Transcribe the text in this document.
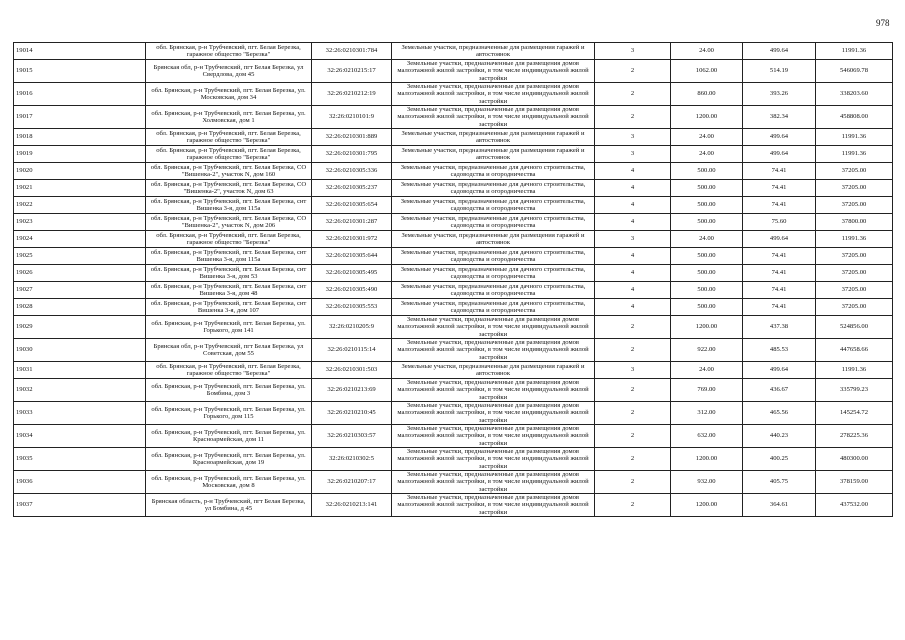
978
19014	обл. Брянская, р-н Трубчевский, пгт. Белая Березка, гаражное общество "Березка"	32:26:0210301:784	Земельные участки, предназначенные для размещения гаражей и автостоянок	3	24.00	499.64	11991.36
19015	Брянская обл, р-н Трубчевский, пгт Белая Березка, ул Свердлова, дом 45	32:26:0210215:17	Земельные участки, предназначенные для размещения домов малоэтажной жилой застройки, в том числе индивидуальной жилой застройки	2	1062.00	514.19	546069.78
19016	обл. Брянская, р-н Трубчевский, пгт. Белая Березка, ул. Московская, дом 34	32:26:0210212:19	Земельные участки, предназначенные для размещения домов малоэтажной жилой застройки, в том числе индивидуальной жилой застройки	2	860.00	393.26	338203.60
19017	обл. Брянская, р-н Трубчевский, пгт. Белая Березка, ул. Холмовская, дом 1	32:26:0210101:9	Земельные участки, предназначенные для размещения домов малоэтажной жилой застройки, в том числе индивидуальной жилой застройки	2	1200.00	382.34	458808.00
19018	обл. Брянская, р-н Трубчевский, пгт. Белая Березка, гаражное общество "Березка"	32:26:0210301:889	Земельные участки, предназначенные для размещения гаражей и автостоянок	3	24.00	499.64	11991.36
19019	обл. Брянская, р-н Трубчевский, пгт. Белая Березка, гаражное общество "Березка"	32:26:0210301:795	Земельные участки, предназначенные для размещения гаражей и автостоянок	3	24.00	499.64	11991.36
19020	обл. Брянская, р-н Трубчевский, пгт. Белая Березка, СО "Вишенка-2", участок N, дом 160	32:26:0210305:336	Земельные участки, предназначенные для дачного строительства, садоводства и огородничества	4	500.00	74.41	37205.00
19021	обл. Брянская, р-н Трубчевский, пгт. Белая Березка, СО "Вишенка-2", участок N, дом 63	32:26:0210305:237	Земельные участки, предназначенные для дачного строительства, садоводства и огородничества	4	500.00	74.41	37205.00
19022	обл. Брянская, р-н Трубчевский, пгт. Белая Березка, снт Вишенка 3-я, дом 115а	32:26:0210305:654	Земельные участки, предназначенные для дачного строительства, садоводства и огородничества	4	500.00	74.41	37205.00
19023	обл. Брянская, р-н Трубчевский, пгт. Белая Березка, СО "Вишенка-2", участок N, дом 206	32:26:0210301:287	Земельные участки, предназначенные для дачного строительства, садоводства и огородничества	4	500.00	75.60	37800.00
19024	обл. Брянская, р-н Трубчевский, пгт. Белая Березка, гаражное общество "Березка"	32:26:0210301:972	Земельные участки, предназначенные для размещения гаражей и автостоянок	3	24.00	499.64	11991.36
19025	обл. Брянская, р-н Трубчевский, пгт. Белая Березка, снт Вишенка 3-я, дом 115а	32:26:0210305:644	Земельные участки, предназначенные для дачного строительства, садоводства и огородничества	4	500.00	74.41	37205.00
19026	обл. Брянская, р-н Трубчевский, пгт. Белая Березка, снт Вишенка 3-я, дом 53	32:26:0210305:495	Земельные участки, предназначенные для дачного строительства, садоводства и огородничества	4	500.00	74.41	37205.00
19027	обл. Брянская, р-н Трубчевский, пгт. Белая Березка, снт Вишенка 3-я, дом 48	32:26:0210305:490	Земельные участки, предназначенные для дачного строительства, садоводства и огородничества	4	500.00	74.41	37205.00
19028	обл. Брянская, р-н Трубчевский, пгт. Белая Березка, снт Вишенка 3-я, дом 107	32:26:0210305:553	Земельные участки, предназначенные для дачного строительства, садоводства и огородничества	4	500.00	74.41	37205.00
19029	обл. Брянская, р-н Трубчевский, пгт. Белая Березка, ул. Горького, дом 141	32:26:0210205:9	Земельные участки, предназначенные для размещения домов малоэтажной жилой застройки, в том числе индивидуальной жилой застройки	2	1200.00	437.38	524856.00
19030	Брянская обл, р-н Трубчевский, пгт Белая Березка, ул Советская, дом 55	32:26:0210115:14	Земельные участки, предназначенные для размещения домов малоэтажной жилой застройки, в том числе индивидуальной жилой застройки	2	922.00	485.53	447658.66
19031	обл. Брянская, р-н Трубчевский, пгт. Белая Березка, гаражное общество "Березка"	32:26:0210301:503	Земельные участки, предназначенные для размещения гаражей и автостоянок	3	24.00	499.64	11991.36
19032	обл. Брянская, р-н Трубчевский, пгт. Белая Березка, ул. Бомбина, дом 3	32:26:0210213:69	Земельные участки, предназначенные для размещения домов малоэтажной жилой застройки, в том числе индивидуальной жилой застройки	2	769.00	436.67	335799.23
19033	обл. Брянская, р-н Трубчевский, пгт. Белая Березка, ул. Горького, дом 115	32:26:0210210:45	Земельные участки, предназначенные для размещения домов малоэтажной жилой застройки, в том числе индивидуальной жилой застройки	2	312.00	465.56	145254.72
19034	обл. Брянская, р-н Трубчевский, пгт. Белая Березка, ул. Красноармейская, дом 11	32:26:0210303:57	Земельные участки, предназначенные для размещения домов малоэтажной жилой застройки, в том числе индивидуальной жилой застройки	2	632.00	440.23	278225.36
19035	обл. Брянская, р-н Трубчевский, пгт. Белая Березка, ул. Красноармейская, дом 19	32:26:0210302:5	Земельные участки, предназначенные для размещения домов малоэтажной жилой застройки, в том числе индивидуальной жилой застройки	2	1200.00	400.25	480300.00
19036	обл. Брянская, р-н Трубчевский, пгт. Белая Березка, ул. Московская, дом 8	32:26:0210207:17	Земельные участки, предназначенные для размещения домов малоэтажной жилой застройки, в том числе индивидуальной жилой застройки	2	932.00	405.75	378159.00
19037	Брянская область, р-н Трубчевский, пгт Белая Березка, ул Бомбина, д 45	32:26:0210213:141	Земельные участки, предназначенные для размещения домов малоэтажной жилой застройки, в том числе индивидуальной жилой застройки	2	1200.00	364.61	437532.00
